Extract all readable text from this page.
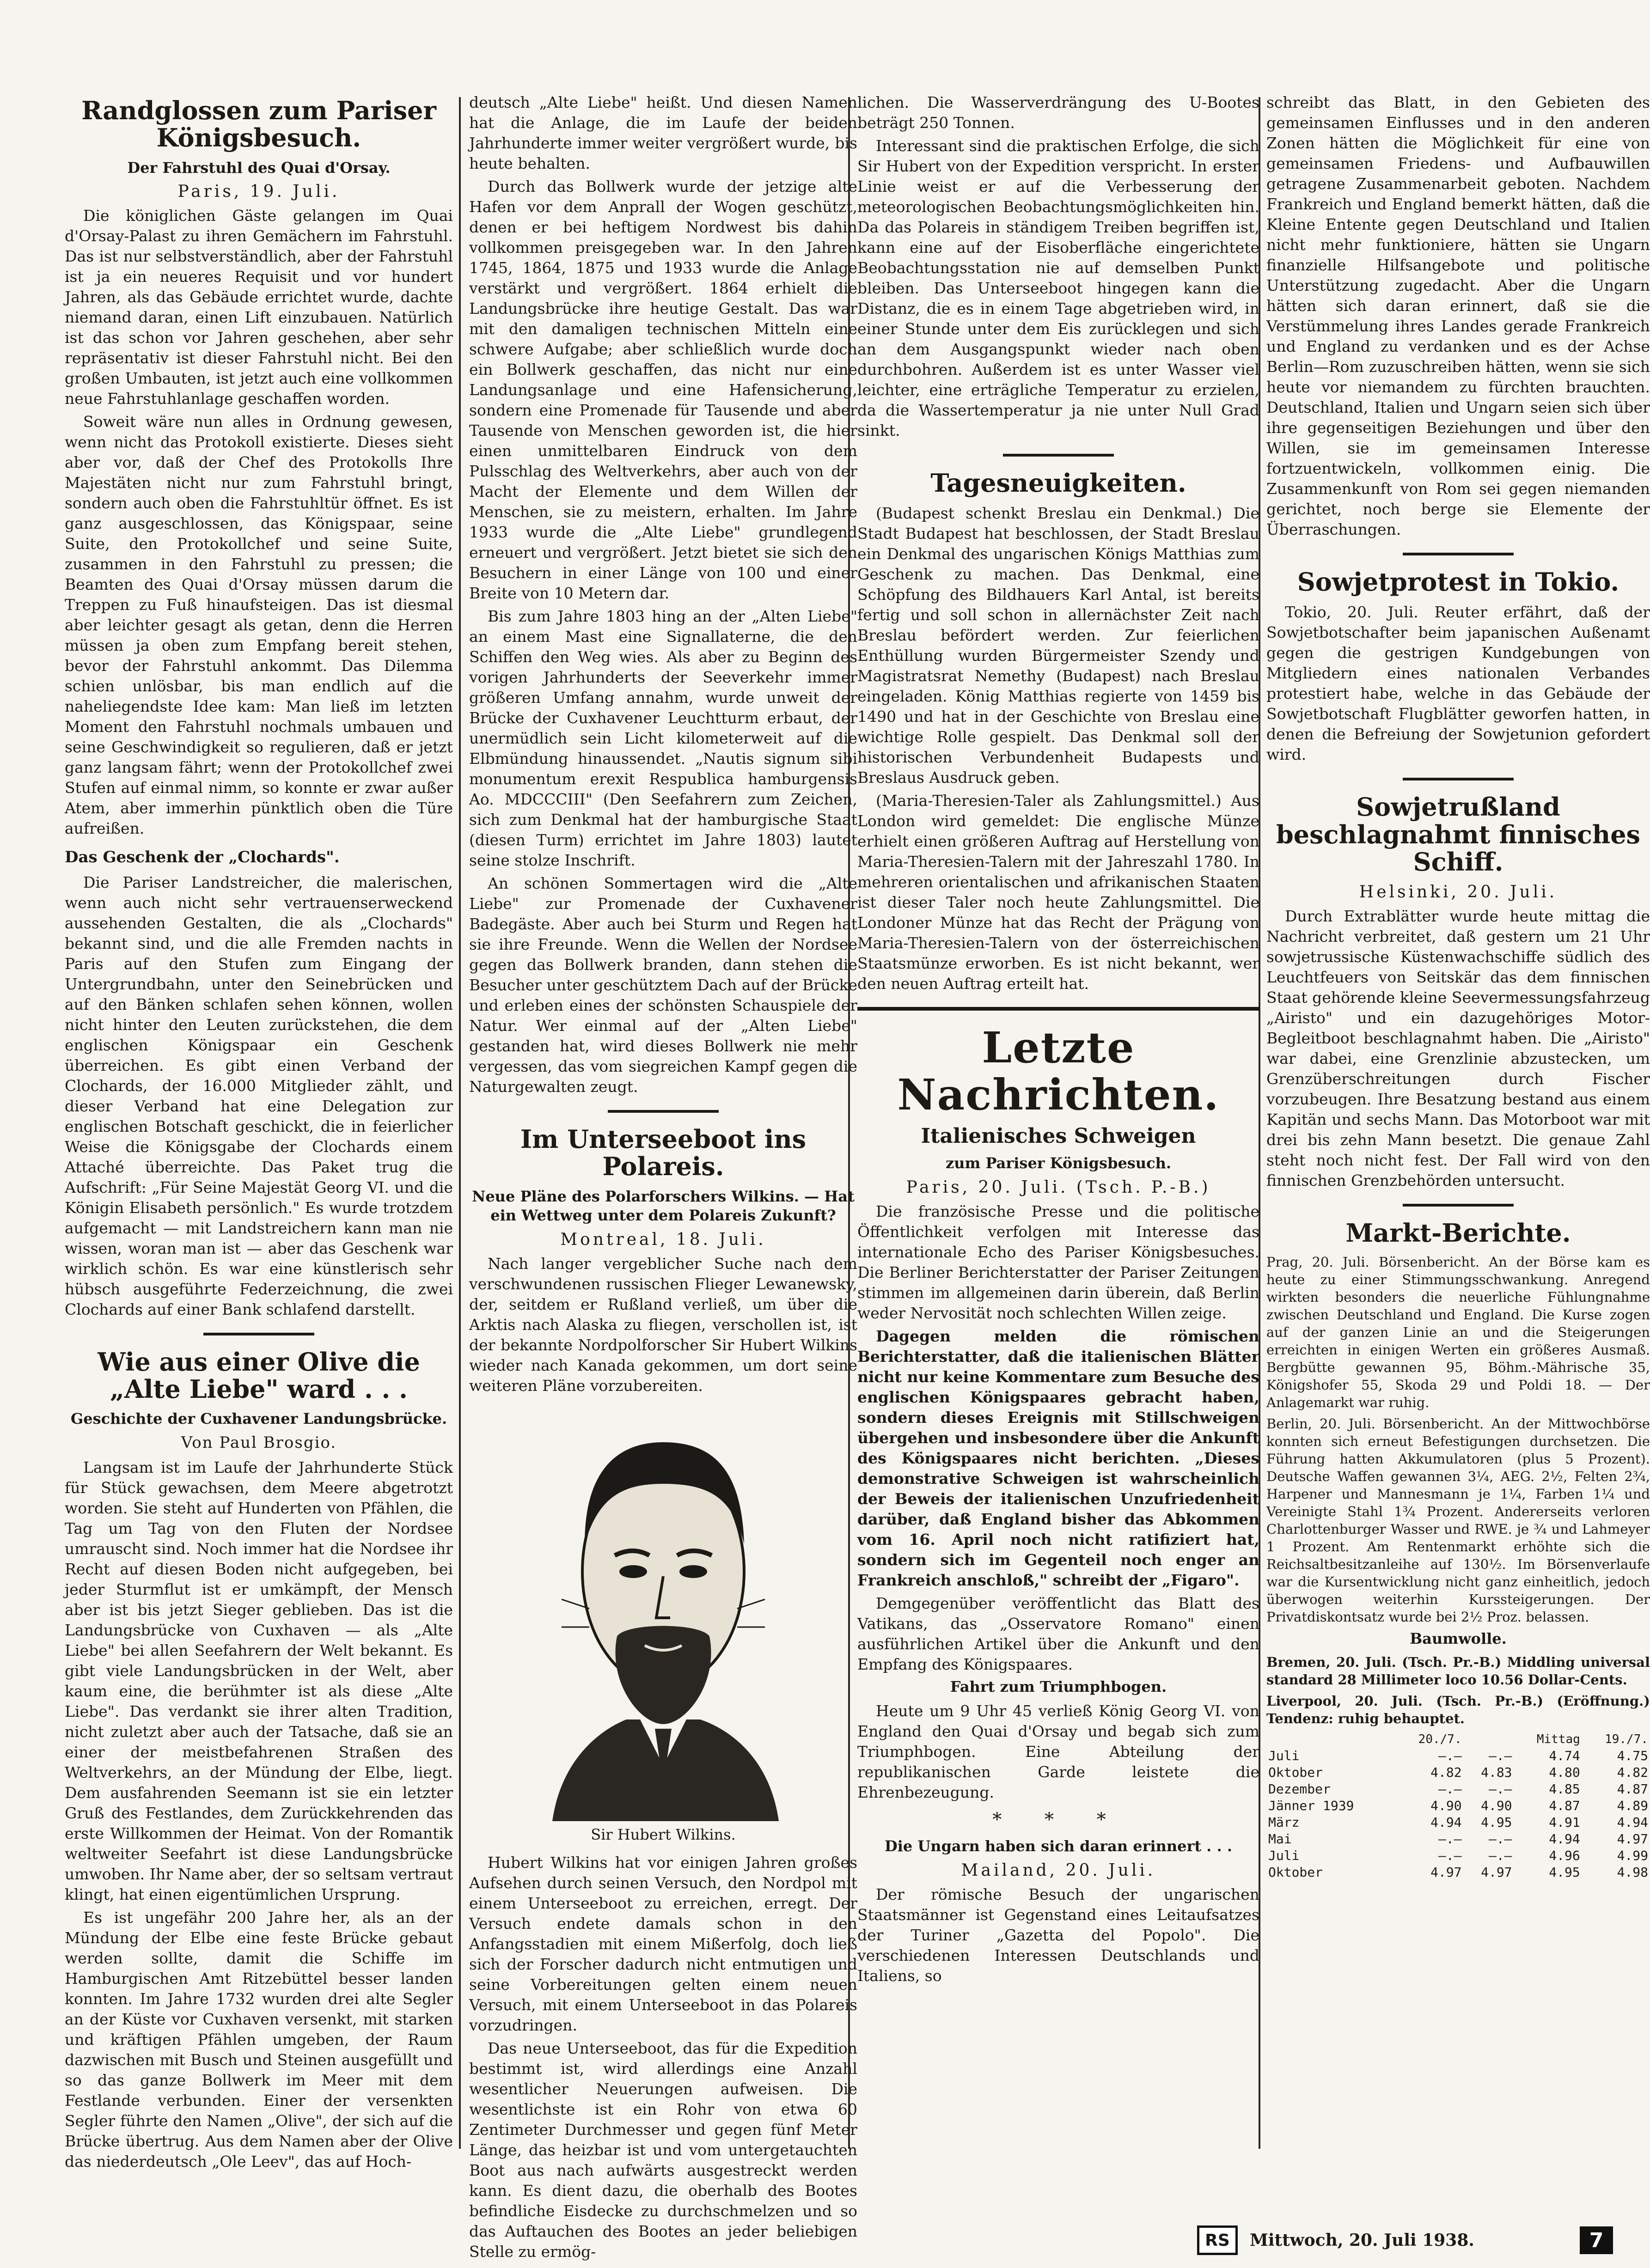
Randglossen zum Pariser Königsbesuch.
Der Fahrstuhl des Quai d'Orsay.
Paris, 19. Juli.

Die königlichen Gäste gelangen im Quai d'Orsay-Palast zu ihren Gemächern im Fahrstuhl. Das ist nur selbstverständlich, aber der Fahrstuhl ist ja ein neueres Requisit und vor hundert Jahren, als das Gebäude errichtet wurde, dachte niemand daran, einen Lift einzubauen. Natürlich ist das schon vor Jahren geschehen, aber sehr repräsentativ ist dieser Fahrstuhl nicht. Bei den großen Umbauten, ist jetzt auch eine vollkommen neue Fahrstuhlanlage geschaffen worden.

Soweit wäre nun alles in Ordnung gewesen, wenn nicht das Protokoll existierte. Dieses sieht aber vor, daß der Chef des Protokolls Ihre Majestäten nicht nur zum Fahrstuhl bringt, sondern auch oben die Fahrstuhltür öffnet. Es ist ganz ausgeschlossen, das Königspaar, seine Suite, den Protokollchef und seine Suite, zusammen in den Fahrstuhl zu pressen; die Beamten des Quai d'Orsay müssen darum die Treppen zu Fuß hinaufsteigen. Das ist diesmal aber leichter gesagt als getan, denn die Herren müssen ja oben zum Empfang bereit stehen, bevor der Fahrstuhl ankommt. Das Dilemma schien unlösbar, bis man endlich auf die naheliegendste Idee kam: Man ließ im letzten Moment den Fahrstuhl nochmals umbauen und seine Geschwindigkeit so regulieren, daß er jetzt ganz langsam fährt; wenn der Protokollchef zwei Stufen auf einmal nimm, so konnte er zwar außer Atem, aber immerhin pünktlich oben die Türe aufreißen.

Das Geschenk der „Clochards".

Die Pariser Landstreicher, die malerischen, wenn auch nicht sehr vertrauenserweckend aussehenden Gestalten, die als „Clochards" bekannt sind, und die alle Fremden nachts in Paris auf den Stufen zum Eingang der Untergrundbahn, unter den Seinebrücken und auf den Bänken schlafen sehen können, wollen nicht hinter den Leuten zurückstehen, die dem englischen Königspaar ein Geschenk überreichen. Es gibt einen Verband der Clochards, der 16.000 Mitglieder zählt, und dieser Verband hat eine Delegation zur englischen Botschaft geschickt, die in feierlicher Weise die Königsgabe der Clochards einem Attaché überreichte. Das Paket trug die Aufschrift: „Für Seine Majestät Georg VI. und die Königin Elisabeth persönlich." Es wurde trotzdem aufgemacht — mit Landstreichern kann man nie wissen, woran man ist — aber das Geschenk war wirklich schön. Es war eine künstlerisch sehr hübsch ausgeführte Federzeichnung, die zwei Clochards auf einer Bank schlafend darstellt.

Wie aus einer Olive die „Alte Liebe" ward . . .
Geschichte der Cuxhavener Landungsbrücke.
Von Paul Brosgio.

Langsam ist im Laufe der Jahrhunderte Stück für Stück gewachsen, dem Meere abgetrotzt worden. Sie steht auf Hunderten von Pfählen, die Tag um Tag von den Fluten der Nordsee umrauscht sind. Noch immer hat die Nordsee ihr Recht auf diesen Boden nicht aufgegeben, bei jeder Sturmflut ist er umkämpft, der Mensch aber ist bis jetzt Sieger geblieben. Das ist die Landungsbrücke von Cuxhaven — als „Alte Liebe" bei allen Seefahrern der Welt bekannt. Es gibt viele Landungsbrücken in der Welt, aber kaum eine, die berühmter ist als diese „Alte Liebe". Das verdankt sie ihrer alten Tradition, nicht zuletzt aber auch der Tatsache, daß sie an einer der meistbefahrenen Straßen des Weltverkehrs, an der Mündung der Elbe, liegt. Dem ausfahrenden Seemann ist sie ein letzter Gruß des Festlandes, dem Zurückkehrenden das erste Willkommen der Heimat. Von der Romantik weltweiter Seefahrt ist diese Landungsbrücke umwoben. Ihr Name aber, der so seltsam vertraut klingt, hat einen eigentümlichen Ursprung.

Es ist ungefähr 200 Jahre her, als an der Mündung der Elbe eine feste Brücke gebaut werden sollte, damit die Schiffe im Hamburgischen Amt Ritzebüttel besser landen konnten. Im Jahre 1732 wurden drei alte Segler an der Küste vor Cuxhaven versenkt, mit starken und kräftigen Pfählen umgeben, der Raum dazwischen mit Busch und Steinen ausgefüllt und so das ganze Bollwerk im Meer mit dem Festlande verbunden. Einer der versenkten Segler führte den Namen „Olive", der sich auf die Brücke übertrug. Aus dem Namen aber der Olive das niederdeutsch „Ole Leev", das auf Hoch-

deutsch „Alte Liebe" heißt. Und diesen Namen hat die Anlage, die im Laufe der beiden Jahrhunderte immer weiter vergrößert wurde, bis heute behalten.

Durch das Bollwerk wurde der jetzige alte Hafen vor dem Anprall der Wogen geschützt, denen er bei heftigem Nordwest bis dahin vollkommen preisgegeben war. In den Jahren 1745, 1864, 1875 und 1933 wurde die Anlage verstärkt und vergrößert. 1864 erhielt die Landungsbrücke ihre heutige Gestalt. Das war mit den damaligen technischen Mitteln eine schwere Aufgabe; aber schließlich wurde doch ein Bollwerk geschaffen, das nicht nur eine Landungsanlage und eine Hafensicherung, sondern eine Promenade für Tausende und aber Tausende von Menschen geworden ist, die hier einen unmittelbaren Eindruck von dem Pulsschlag des Weltverkehrs, aber auch von der Macht der Elemente und dem Willen der Menschen, sie zu meistern, erhalten. Im Jahre 1933 wurde die „Alte Liebe" grundlegend erneuert und vergrößert. Jetzt bietet sie sich den Besuchern in einer Länge von 100 und einer Breite von 10 Metern dar.

Bis zum Jahre 1803 hing an der „Alten Liebe" an einem Mast eine Signallaterne, die den Schiffen den Weg wies. Als aber zu Beginn des vorigen Jahrhunderts der Seeverkehr immer größeren Umfang annahm, wurde unweit der Brücke der Cuxhavener Leuchtturm erbaut, der unermüdlich sein Licht kilometerweit auf die Elbmündung hinaussendet. „Nautis signum sibi monumentum erexit Respublica hamburgensis Ao. MDCCCIII" (Den Seefahrern zum Zeichen, sich zum Denkmal hat der hamburgische Staat (diesen Turm) errichtet im Jahre 1803) lautet seine stolze Inschrift.

An schönen Sommertagen wird die „Alte Liebe" zur Promenade der Cuxhavener Badegäste. Aber auch bei Sturm und Regen hat sie ihre Freunde. Wenn die Wellen der Nordsee gegen das Bollwerk branden, dann stehen die Besucher unter geschütztem Dach auf der Brücke und erleben eines der schönsten Schauspiele der Natur. Wer einmal auf der „Alten Liebe" gestanden hat, wird dieses Bollwerk nie mehr vergessen, das vom siegreichen Kampf gegen die Naturgewalten zeugt.

Im Unterseeboot ins Polareis.
Neue Pläne des Polarforschers Wilkins. — Hat ein Wettweg unter dem Polareis Zukunft?
Montreal, 18. Juli.

Nach langer vergeblicher Suche nach dem verschwundenen russischen Flieger Lewanewsky, der, seitdem er Rußland verließ, um über die Arktis nach Alaska zu fliegen, verschollen ist, ist der bekannte Nordpolforscher Sir Hubert Wilkins wieder nach Kanada gekommen, um dort seine weiteren Pläne vorzubereiten.

Sir Hubert Wilkins.

Hubert Wilkins hat vor einigen Jahren großes Aufsehen durch seinen Versuch, den Nordpol mit einem Unterseeboot zu erreichen, erregt. Der Versuch endete damals schon in den Anfangsstadien mit einem Mißerfolg, doch ließ sich der Forscher dadurch nicht entmutigen und seine Vorbereitungen gelten einem neuen Versuch, mit einem Unterseeboot in das Polareis vorzudringen.

Das neue Unterseeboot, das für die Expedition bestimmt ist, wird allerdings eine Anzahl wesentlicher Neuerungen aufweisen. Die wesentlichste ist ein Rohr von etwa 60 Zentimeter Durchmesser und gegen fünf Meter Länge, das heizbar ist und vom untergetauchten Boot aus nach aufwärts ausgestreckt werden kann. Es dient dazu, die oberhalb des Bootes befindliche Eisdecke zu durchschmelzen und so das Auftauchen des Bootes an jeder beliebigen Stelle zu ermög-

lichen. Die Wasserverdrängung des U-Bootes beträgt 250 Tonnen.

Interessant sind die praktischen Erfolge, die sich Sir Hubert von der Expedition verspricht. In erster Linie weist er auf die Verbesserung der meteorologischen Beobachtungsmöglichkeiten hin. Da das Polareis in ständigem Treiben begriffen ist, kann eine auf der Eisoberfläche eingerichtete Beobachtungsstation nie auf demselben Punkt bleiben. Das Unterseeboot hingegen kann die Distanz, die es in einem Tage abgetrieben wird, in einer Stunde unter dem Eis zurücklegen und sich an dem Ausgangspunkt wieder nach oben durchbohren. Außerdem ist es unter Wasser viel leichter, eine erträgliche Temperatur zu erzielen, da die Wassertemperatur ja nie unter Null Grad sinkt.

Tagesneuigkeiten.

(Budapest schenkt Breslau ein Denkmal.) Die Stadt Budapest hat beschlossen, der Stadt Breslau ein Denkmal des ungarischen Königs Matthias zum Geschenk zu machen. Das Denkmal, eine Schöpfung des Bildhauers Karl Antal, ist bereits fertig und soll schon in allernächster Zeit nach Breslau befördert werden. Zur feierlichen Enthüllung wurden Bürgermeister Szendy und Magistratsrat Nemethy (Budapest) nach Breslau eingeladen. König Matthias regierte von 1459 bis 1490 und hat in der Geschichte von Breslau eine wichtige Rolle gespielt. Das Denkmal soll der historischen Verbundenheit Budapests und Breslaus Ausdruck geben.

(Maria-Theresien-Taler als Zahlungsmittel.) Aus London wird gemeldet: Die englische Münze erhielt einen größeren Auftrag auf Herstellung von Maria-Theresien-Talern mit der Jahreszahl 1780. In mehreren orientalischen und afrikanischen Staaten ist dieser Taler noch heute Zahlungsmittel. Die Londoner Münze hat das Recht der Prägung von Maria-Theresien-Talern von der österreichischen Staatsmünze erworben. Es ist nicht bekannt, wer den neuen Auftrag erteilt hat.

Letzte Nachrichten.
Italienisches Schweigen
zum Pariser Königsbesuch.
Paris, 20. Juli. (Tsch. P.-B.)

Die französische Presse und die politische Öffentlichkeit verfolgen mit Interesse das internationale Echo des Pariser Königsbesuches. Die Berliner Berichterstatter der Pariser Zeitungen stimmen im allgemeinen darin überein, daß Berlin weder Nervosität noch schlechten Willen zeige.

Dagegen melden die römischen Berichterstatter, daß die italienischen Blätter nicht nur keine Kommentare zum Besuche des englischen Königspaares gebracht haben, sondern dieses Ereignis mit Stillschweigen übergehen und insbesondere über die Ankunft des Königspaares nicht berichten. „Dieses demonstrative Schweigen ist wahrscheinlich der Beweis der italienischen Unzufriedenheit darüber, daß England bisher das Abkommen vom 16. April noch nicht ratifiziert hat, sondern sich im Gegenteil noch enger an Frankreich anschloß," schreibt der „Figaro".

Demgegenüber veröffentlicht das Blatt des Vatikans, das „Osservatore Romano" einen ausführlichen Artikel über die Ankunft und den Empfang des Königspaares.

Fahrt zum Triumphbogen.

Heute um 9 Uhr 45 verließ König Georg VI. von England den Quai d'Orsay und begab sich zum Triumphbogen. Eine Abteilung der republikanischen Garde leistete die Ehrenbezeugung.

* * *
Die Ungarn haben sich daran erinnert . . .
Mailand, 20. Juli.

Der römische Besuch der ungarischen Staatsmänner ist Gegenstand eines Leitaufsatzes der Turiner „Gazetta del Popolo". Die verschiedenen Interessen Deutschlands und Italiens, so

schreibt das Blatt, in den Gebieten des gemeinsamen Einflusses und in den anderen Zonen hätten die Möglichkeit für eine von gemeinsamen Friedens- und Aufbauwillen getragene Zusammenarbeit geboten. Nachdem Frankreich und England bemerkt hätten, daß die Kleine Entente gegen Deutschland und Italien nicht mehr funktioniere, hätten sie Ungarn finanzielle Hilfsangebote und politische Unterstützung zugedacht. Aber die Ungarn hätten sich daran erinnert, daß sie die Verstümmelung ihres Landes gerade Frankreich und England zu verdanken und es der Achse Berlin—Rom zuzuschreiben hätten, wenn sie sich heute vor niemandem zu fürchten brauchten. Deutschland, Italien und Ungarn seien sich über ihre gegenseitigen Beziehungen und über den Willen, sie im gemeinsamen Interesse fortzuentwickeln, vollkommen einig. Die Zusammenkunft von Rom sei gegen niemanden gerichtet, noch berge sie Elemente der Überraschungen.

Sowjetprotest in Tokio.

Tokio, 20. Juli. Reuter erfährt, daß der Sowjetbotschafter beim japanischen Außenamt gegen die gestrigen Kundgebungen von Mitgliedern eines nationalen Verbandes protestiert habe, welche in das Gebäude der Sowjetbotschaft Flugblätter geworfen hatten, in denen die Befreiung der Sowjetunion gefordert wird.

Sowjetrußland beschlagnahmt finnisches Schiff.
Helsinki, 20. Juli.

Durch Extrablätter wurde heute mittag die Nachricht verbreitet, daß gestern um 21 Uhr sowjetrussische Küstenwachschiffe südlich des Leuchtfeuers von Seitskär das dem finnischen Staat gehörende kleine Seevermessungsfahrzeug „Airisto" und ein dazugehöriges Motor-Begleitboot beschlagnahmt haben. Die „Airisto" war dabei, eine Grenzlinie abzustecken, um Grenzüberschreitungen durch Fischer vorzubeugen. Ihre Besatzung bestand aus einem Kapitän und sechs Mann. Das Motorboot war mit drei bis zehn Mann besetzt. Die genaue Zahl steht noch nicht fest. Der Fall wird von den finnischen Grenzbehörden untersucht.

Markt-Berichte.

Prag, 20. Juli. Börsenbericht. An der Börse kam es heute zu einer Stimmungsschwankung. Anregend wirkten besonders die neuerliche Fühlungnahme zwischen Deutschland und England. Die Kurse zogen auf der ganzen Linie an und die Steigerungen erreichten in einigen Werten ein größeres Ausmaß. Bergbütte gewannen 95, Böhm.-Mährische 35, Königshofer 55, Skoda 29 und Poldi 18. — Der Anlagemarkt war ruhig.

Berlin, 20. Juli. Börsenbericht. An der Mittwochbörse konnten sich erneut Befestigungen durchsetzen. Die Führung hatten Akkumulatoren (plus 5 Prozent). Deutsche Waffen gewannen 3¼, AEG. 2½, Felten 2¾, Harpener und Mannesmann je 1¼, Farben 1¼ und Vereinigte Stahl 1¾ Prozent. Andererseits verloren Charlottenburger Wasser und RWE. je ¾ und Lahmeyer 1 Prozent. Am Rentenmarkt erhöhte sich die Reichsaltbesitzanleihe auf 130½. Im Börsenverlaufe war die Kursentwicklung nicht ganz einheitlich, jedoch überwogen weiterhin Kurssteigerungen. Der Privatdiskontsatz wurde bei 2½ Proz. belassen.

Baumwolle.

Bremen, 20. Juli. (Tsch. Pr.-B.) Middling universal standard 28 Millimeter loco 10.56 Dollar-Cents.

Liverpool, 20. Juli. (Tsch. Pr.-B.) (Eröffnung.) Tendenz: ruhig behauptet.

	20./7.		Mittag	19./7.
Juli	—.—	—.—	4.74	4.75
Oktober	4.82	4.83	4.80	4.82
Dezember	—.—	—.—	4.85	4.87
Jänner 1939	4.90	4.90	4.87	4.89
März	4.94	4.95	4.91	4.94
Mai	—.—	—.—	4.94	4.97
Juli	—.—	—.—	4.96	4.99
Oktober	4.97	4.97	4.95	4.98
RS	Mittwoch, 20. Juli 1938.	7
